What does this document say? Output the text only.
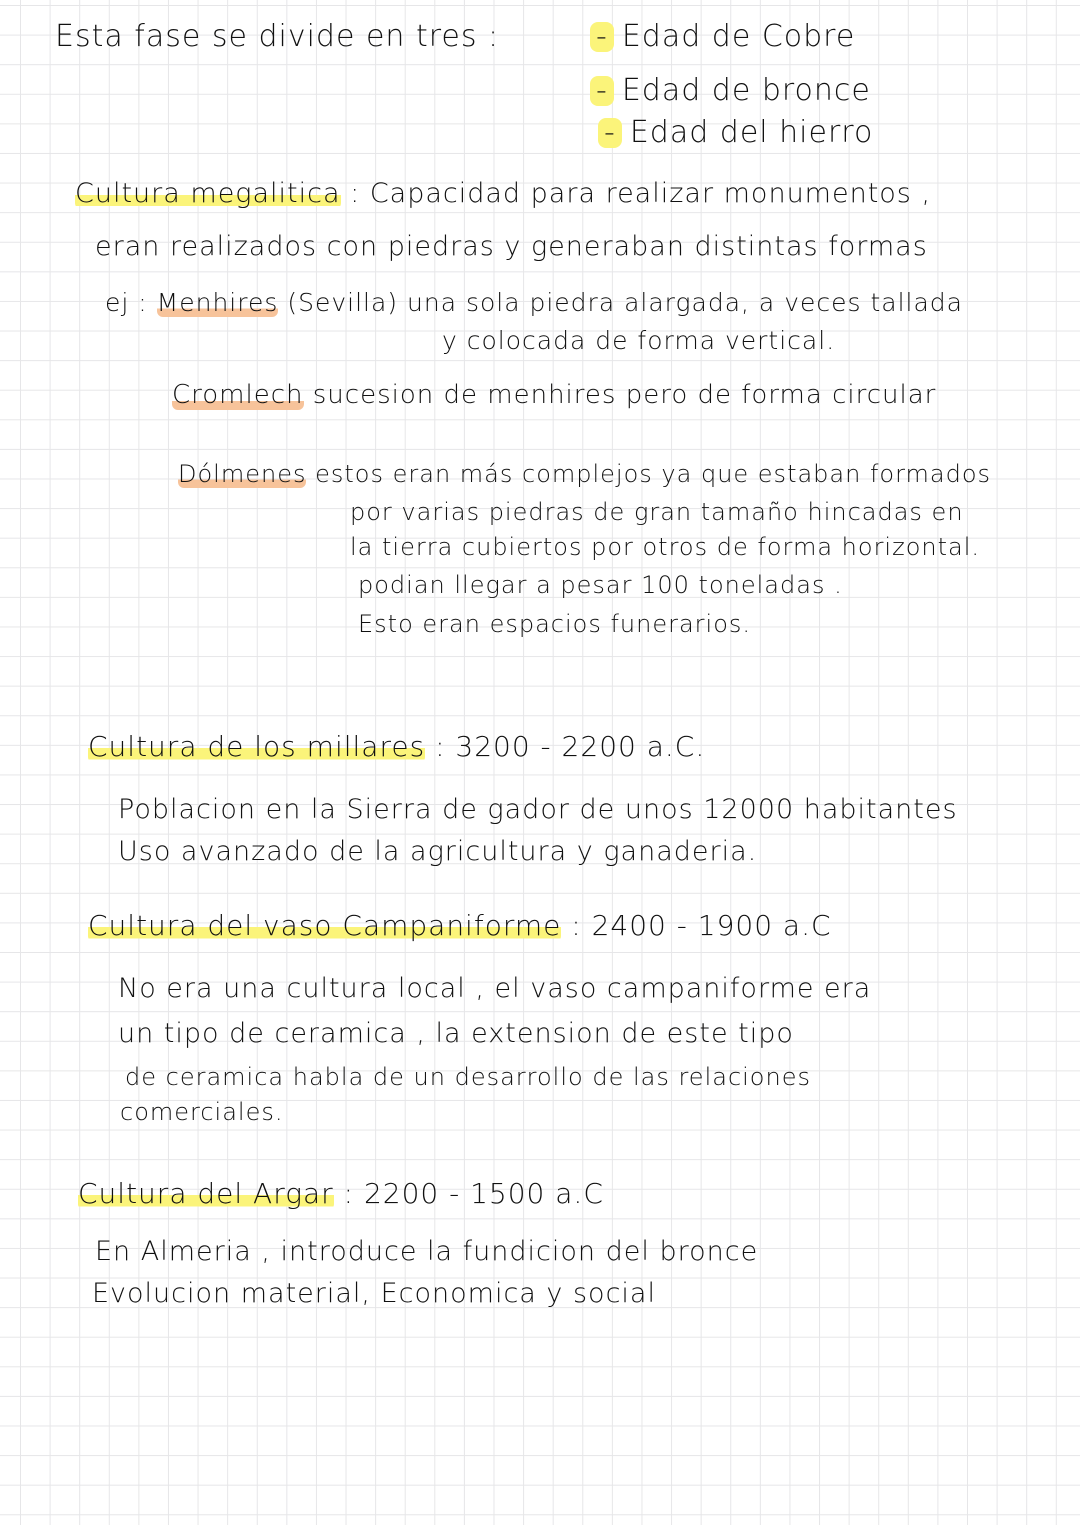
Esta fase se divide en tres :	- Edad de Cobre
- Edad de bronce
- Edad del hierro
Cultura megalitica : Capacidad para realizar monumentos ,
eran realizados con piedras y generaban distintas formas
ej : Menhires (Sevilla) una sola piedra alargada, a veces tallada
y colocada de forma vertical.
Cromlech sucesion de menhires pero de forma circular
Dólmenes estos eran más complejos ya que estaban formados
por varias piedras de gran tamaño hincadas en
la tierra cubiertos por otros de forma horizontal.
podian llegar a pesar 100 toneladas .
Esto eran espacios funerarios.
Cultura de los millares : 3200 - 2200 a.C.
Poblacion en la Sierra de gador de unos 12000 habitantes
Uso avanzado de la agricultura y ganaderia.
Cultura del vaso Campaniforme : 2400 - 1900 a.C
No era una cultura local , el vaso campaniforme era
un tipo de ceramica , la extension de este tipo
de ceramica habla de un desarrollo de las relaciones
comerciales.
Cultura del Argar : 2200 - 1500 a.C
En Almeria , introduce la fundicion del bronce
Evolucion material, Economica y social
